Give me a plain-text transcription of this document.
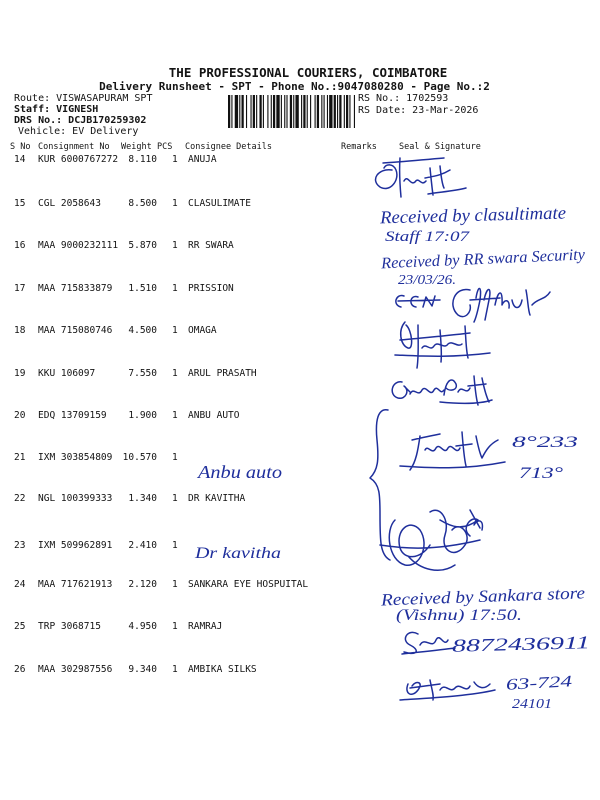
THE PROFESSIONAL COURIERS, COIMBATORE
Delivery Runsheet - SPT - Phone No.:9047080280 - Page No.:2
Route: VISWASAPURAM SPT
Staff: VIGNESH
DRS No.: DCJB170259302
Vehicle: EV Delivery
RS No.: 1702593
RS Date: 23-Mar-2026
S No Consignment No Weight PCS Consignee Details	Remarks	Seal & Signature
14 KUR 6000767272	8.110 1 ANUJA
15 CGL 2058643	8.500 1 CLASULIMATE
16 MAA 9000232111	5.870 1 RR SWARA
17 MAA 715833879	1.510 1 PRISSION
18 MAA 715080746	4.500 1 OMAGA
19 KKU 106097	7.550 1 ARUL PRASATH
20 EDQ 13709159	1.900 1 ANBU AUTO
21 IXM 303854809	10.570 1
22 NGL 100399333	1.340 1 DR KAVITHA
23 IXM 509962891	2.410 1
24 MAA 717621913	2.120 1 SANKARA EYE HOSPUITAL
25 TRP 3068715	4.950 1 RAMRAJ
26 MAA 302987556	9.340 1 AMBIKA SILKS
Received by clasultimate
Staff 17:07
Received by RR swara Security
23/03/26.
8°233
713°
Anbu auto
Dr kavitha
Received by Sankara store
(Vishnu) 17:50.
8872436911
63-724
24101
